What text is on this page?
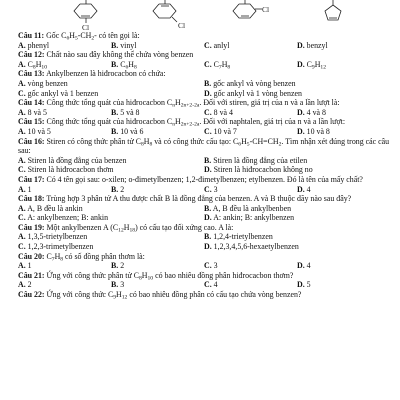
Cl
Cl
Cl

Câu 11: Gốc $C_6H_5-CH_2-$ có tên gọi là:

A. phenyl	B. vinyl	C. anlyl	D. benzyl

Câu 12: Chất nào sau đây không thể chứa vòng benzen

A. $C_8H_{10}$	B. $C_6H_8$	C. $C_7H_8$	D. $C_9H_{12}$

Câu 13: Ankylbenzen là hiđrocacbon có chứa:

A. vòng benzen	B. gốc ankyl và vòng benzen
C. gốc ankyl và 1 benzen	D. gốc ankyl và 1 vòng benzen

Câu 14: Công thức tổng quát của hiđrocacbon $C_nH_{2n+2-2a}$. Đối với stiren, giá trị của n và a lần lượt là:

A. 8 và 5	B. 5 và 8	C. 8 và 4	D. 4 và 8

Câu 15: Công thức tổng quát của hiđrocacbon $C_nH_{2n+2-2a}$. Đối với naphtalen, giá trị của n và a lần lượt:

A. 10 và 5	B. 10 và 6	C. 10 và 7	D. 10 và 8

Câu 16: Stiren có công thức phân tử $C_8H_8$ và có công thức cấu tạo: $C_6H_5-CH=CH_2$. Tìm nhận xét đúng trong các câu sau:

A. Stiren là đồng đẳng của benzen	B. Stiren là đồng đẳng của etilen
C. Stiren là hiđrocacbon thơm	D. Stiren là hiđrocacbon không no

Câu 17: Có 4 tên gọi sau: o-xilen; o-đimetylbenzen; 1,2-đimetylbenzen; etylbenzen. Đó là tên của mấy chất?

A. 1	B. 2	C. 3	D. 4

Câu 18: Trùng hợp 3 phân tử A thu được chất B là đồng đẳng của benzen. A và B thuộc dãy nào sau đây?

A. A, B đều là ankin	B. A, B đều là ankylbenben
C. A: ankylbenzen; B: ankin	D. A: ankin; B: ankylbenzen

Câu 19: Một ankylbenzen A $(C_{12}H_{18})$ có cấu tạo đối xứng cao. A là:

A. 1,3,5-trietylbenzen	B. 1,2,4-trietylbenzen
C. 1,2,3-trimetylbenzen	D. 1,2,3,4,5,6-hexaetylbenzen

Câu 20: $C_7H_8$ có số đồng phân thơm là:

A. 1	B. 2	C. 3	D. 4

Câu 21: Ứng với công thức phân tử $C_8H_{10}$ có bao nhiêu đồng phân hiđrocacbon thơm?

A. 2	B. 3	C. 4	D. 5

Câu 22: Ứng với công thức $C_9H_{12}$ có bao nhiêu đồng phân có cấu tạo chứa vòng benzen?
